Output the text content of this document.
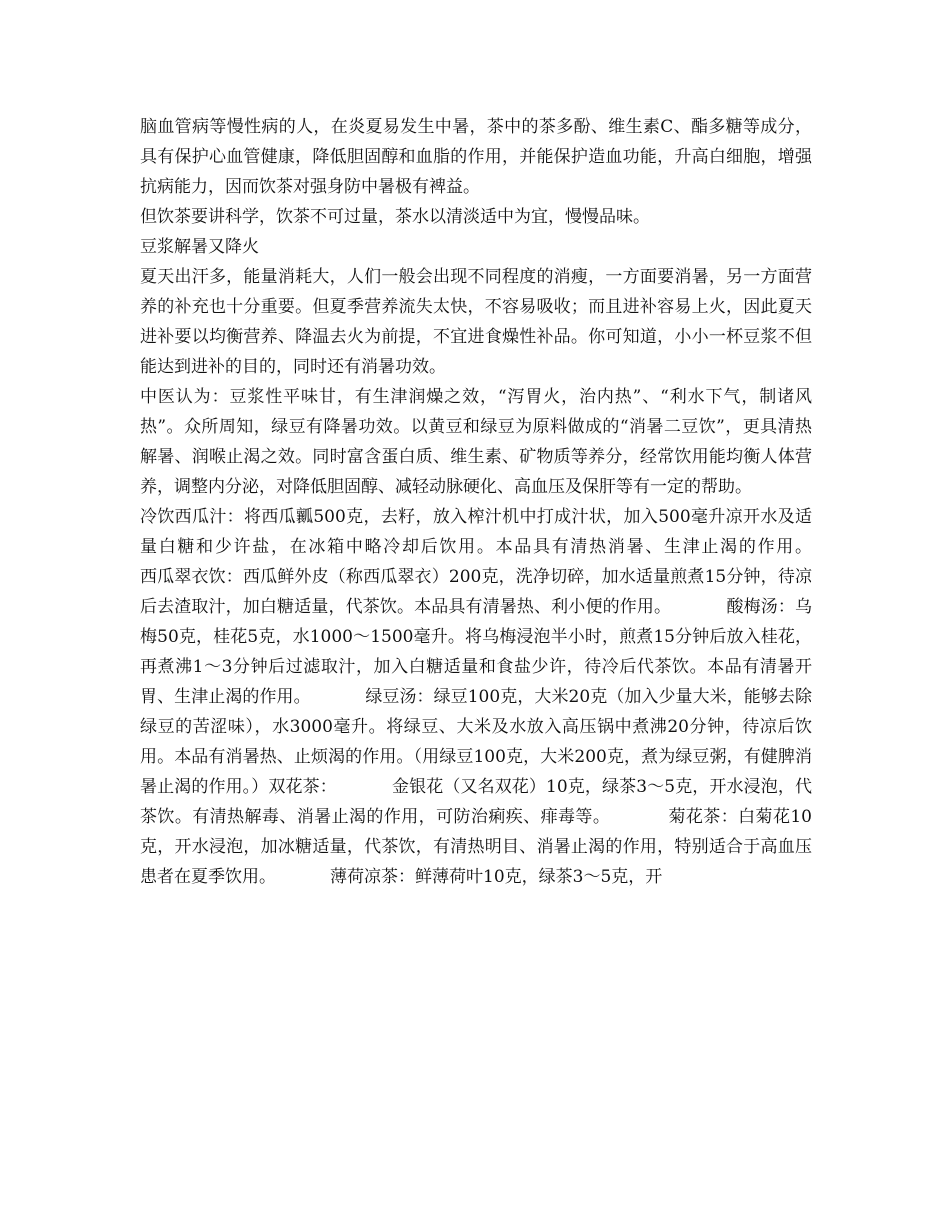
脑血管病等慢性病的人，在炎夏易发生中暑，茶中的茶多酚、维生素C、酯多糖等成分，具有保护心血管健康，降低胆固醇和血脂的作用，并能保护造血功能，升高白细胞，增强抗病能力，因而饮茶对强身防中暑极有裨益。

但饮茶要讲科学，饮茶不可过量，茶水以清淡适中为宜，慢慢品味。

豆浆解暑又降火

夏天出汗多，能量消耗大，人们一般会出现不同程度的消瘦，一方面要消暑，另一方面营养的补充也十分重要。但夏季营养流失太快，不容易吸收；而且进补容易上火，因此夏天进补要以均衡营养、降温去火为前提，不宜进食燥性补品。你可知道，小小一杯豆浆不但能达到进补的目的，同时还有消暑功效。

中医认为：豆浆性平味甘，有生津润燥之效，“泻胃火，治内热”、“利水下气，制诸风热”。众所周知，绿豆有降暑功效。以黄豆和绿豆为原料做成的“消暑二豆饮”，更具清热解暑、润喉止渴之效。同时富含蛋白质、维生素、矿物质等养分，经常饮用能均衡人体营养，调整内分泌，对降低胆固醇、减轻动脉硬化、高血压及保肝等有一定的帮助。

冷饮西瓜汁：将西瓜瓤500克，去籽，放入榨汁机中打成汁状，加入500毫升凉开水及适量白糖和少许盐，在冰箱中略冷却后饮用。本品具有清热消暑、生津止渴的作用。            西瓜翠衣饮：西瓜鲜外皮（称西瓜翠衣）200克，洗净切碎，加水适量煎煮15分钟，待凉后去渣取汁，加白糖适量，代茶饮。本品具有清暑热、利小便的作用。          酸梅汤：乌梅50克，桂花5克，水1000～1500毫升。将乌梅浸泡半小时，煎煮15分钟后放入桂花，再煮沸1～3分钟后过滤取汁，加入白糖适量和食盐少许，待冷后代茶饮。本品有清暑开胃、生津止渴的作用。          绿豆汤：绿豆100克，大米20克（加入少量大米，能够去除绿豆的苦涩味），水3000毫升。将绿豆、大米及水放入高压锅中煮沸20分钟，待凉后饮用。本品有消暑热、止烦渴的作用。（用绿豆100克，大米200克，煮为绿豆粥，有健脾消暑止渴的作用。）双花茶：          金银花（又名双花）10克，绿茶3～5克，开水浸泡，代茶饮。有清热解毒、消暑止渴的作用，可防治痢疾、痱毒等。          菊花茶：白菊花10克，开水浸泡，加冰糖适量，代茶饮，有清热明目、消暑止渴的作用，特别适合于高血压患者在夏季饮用。          薄荷凉茶：鲜薄荷叶10克，绿茶3～5克，开
